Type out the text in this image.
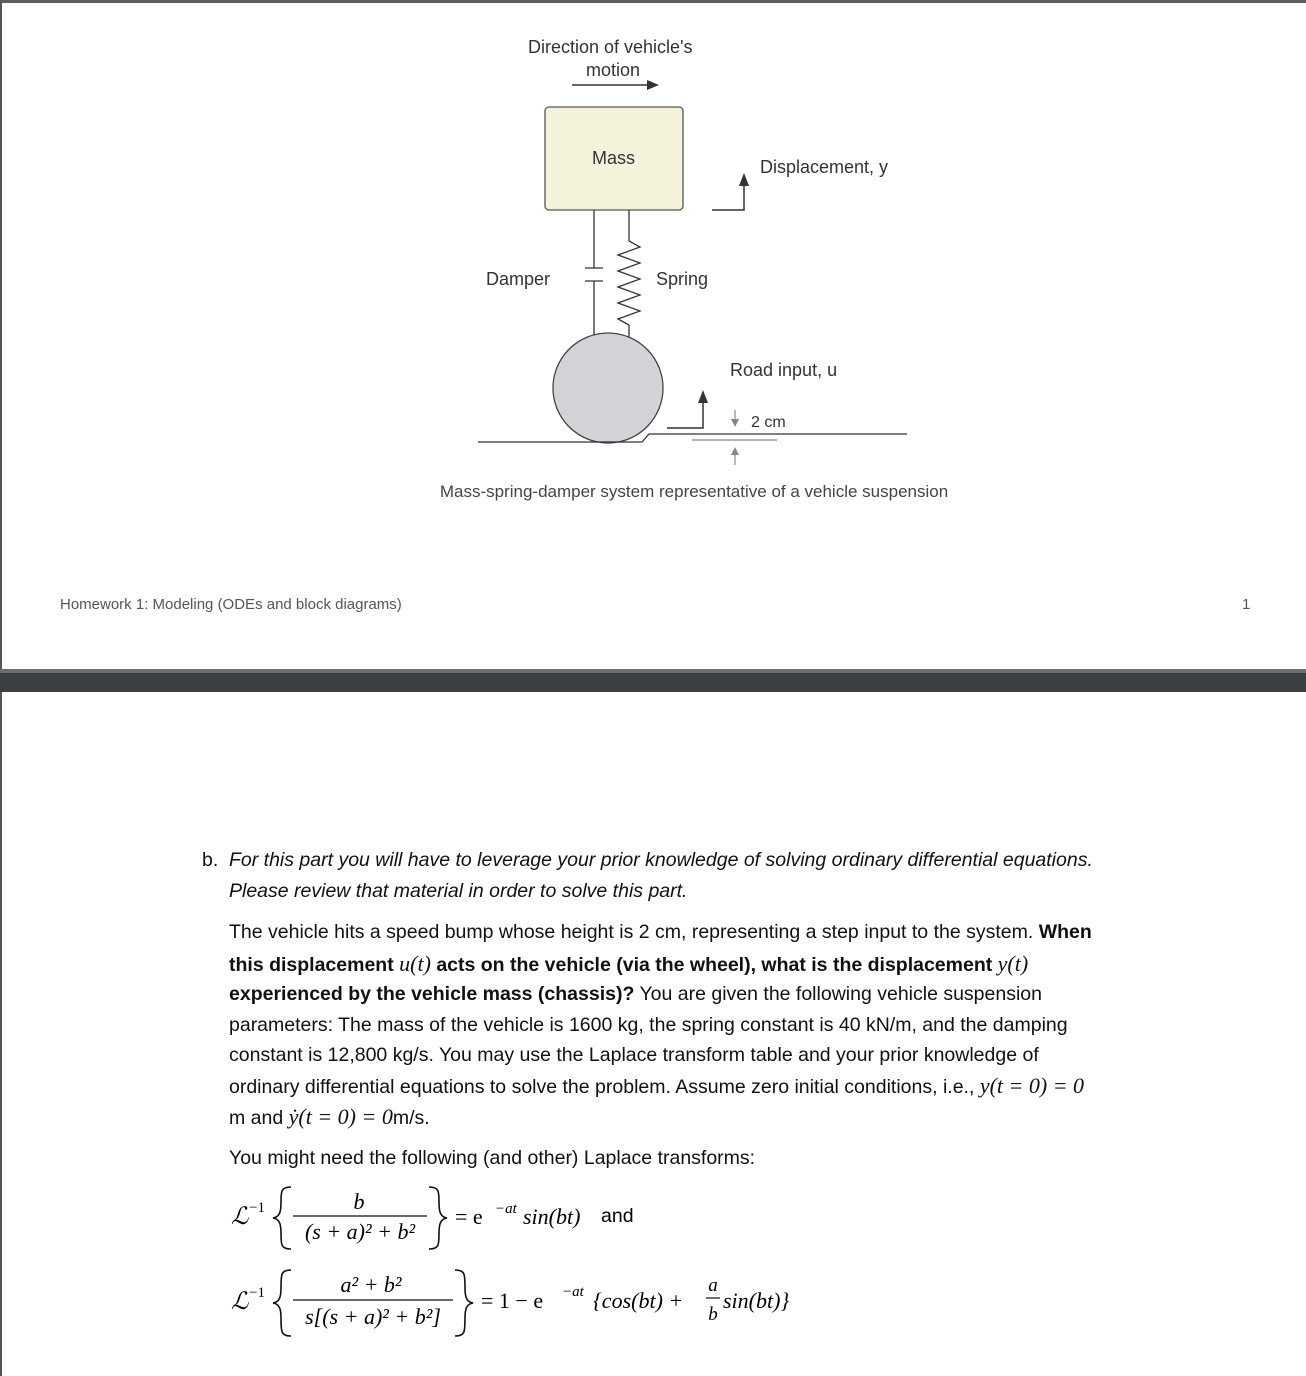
Direction of vehicle's
motion
Mass	Displacement, y
Damper	Spring
Road input, u
2 cm
Mass-spring-damper system representative of a vehicle suspension
Homework 1: Modeling (ODEs and block diagrams)	1
b. For this part you will have to leverage your prior knowledge of solving ordinary differential equations.
Please review that material in order to solve this part.
The vehicle hits a speed bump whose height is 2 cm, representing a step input to the system. When
this displacement u(t) acts on the vehicle (via the wheel), what is the displacement y(t)
experienced by the vehicle mass (chassis)? You are given the following vehicle suspension
parameters: The mass of the vehicle is 1600 kg, the spring constant is 40 kN/m, and the damping
constant is 12,800 kg/s. You may use the Laplace transform table and your prior knowledge of
ordinary differential equations to solve the problem. Assume zero initial conditions, i.e., y(t = 0) = 0
m and ẏ(t = 0) = 0m/s.
You might need the following (and other) Laplace transforms:
ℒ −1	b
(s + a)² + b²
= e −at sin(bt) and
ℒ −1	a² + b²
s[(s + a)² + b²]
= 1 − e −at {cos(bt) +
a
b
sin(bt)}
